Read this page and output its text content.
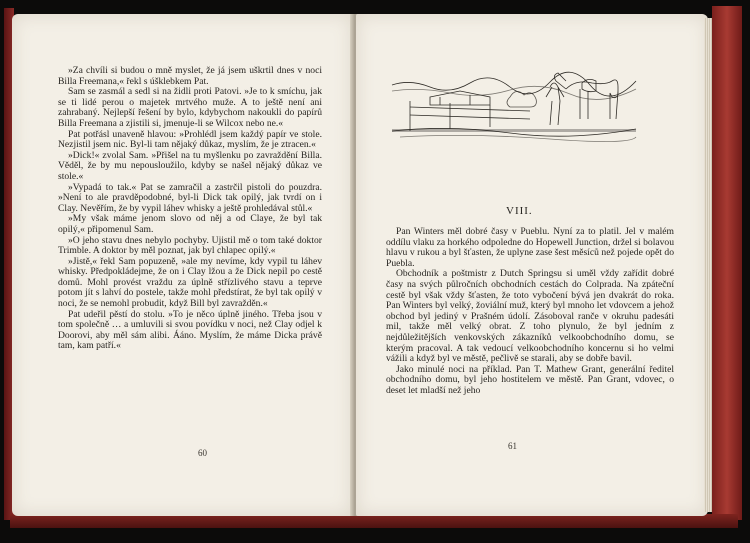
»Za chvíli si budou o mně myslet, že já jsem uškrtil dnes v noci Billa Freemana,« řekl s úšklebkem Pat.

Sam se zasmál a sedl si na židli proti Patovi. »Je to k smíchu, jak se ti lidé perou o majetek mrtvého muže. A to ještě není ani zahrabaný. Nejlepší řešení by bylo, kdybychom nakoukli do papírů Billa Freemana a zjistili si, jmenuje-li se Wilcox nebo ne.«

Pat potřásl unaveně hlavou: »Prohlédl jsem každý papír ve stole. Nezjistil jsem nic. Byl-li tam nějaký důkaz, myslím, že je ztracen.«

»Dick!« zvolal Sam. »Přišel na tu myšlenku po zavraždění Billa. Věděl, že by mu nepousloužilo, kdyby se našel nějaký důkaz ve stole.«

»Vypadá to tak.« Pat se zamračil a zastrčil pistoli do pouzdra. »Není to ale pravděpodobné, byl-li Dick tak opilý, jak tvrdí on i Clay. Nevěřím, že by vypil láhev whisky a ještě prohledával stůl.«

»My však máme jenom slovo od něj a od Claye, že byl tak opilý,« připomenul Sam.

»O jeho stavu dnes nebylo pochyby. Ujistil mě o tom také doktor Trimble. A doktor by měl poznat, jak byl chlapec opilý.«

»Jistě,« řekl Sam popuzeně, »ale my nevíme, kdy vypil tu láhev whisky. Předpokládejme, že on i Clay lžou a že Dick nepil po cestě domů. Mohl provést vraždu za úplně střízlivého stavu a teprve potom jít s lahví do postele, takže mohl předstírat, že byl tak opilý v noci, že se nemohl probudit, když Bill byl zavražděn.«

Pat udeřil pěstí do stolu. »To je něco úplně jiného. Třeba jsou v tom společně … a umluvili si svou povídku v noci, než Clay odjel k Doorovi, aby měl sám alibi. Ááno. Myslím, že máme Dicka právě tam, kam patří.«

60
VIII.

Pan Winters měl dobré časy v Pueblu. Nyní za to platil. Jel v malém oddílu vlaku za horkého odpoledne do Hopewell Junction, držel si bolavou hlavu v rukou a byl šťasten, že uplyne zase šest měsíců než pojede opět do Puebla.

Obchodník a poštmistr z Dutch Springsu si uměl vždy zařídit dobré časy na svých půlročních obchodních cestách do Colprada. Na zpáteční cestě byl však vždy šťasten, že toto vybočení bývá jen dvakrát do roka. Pan Winters byl velký, žoviální muž, který byl mnoho let vdovcem a jehož obchod byl jediný v Prašném údolí. Zásoboval ranče v okruhu padesáti mil, takže měl velký obrat. Z toho plynulo, že byl jedním z nejdůležitějších venkovských zákazníků velkoobchodního domu, se kterým pracoval. A tak vedoucí velkoobchodního koncernu si ho velmi vážili a když byl ve městě, pečlivě se starali, aby se dobře bavil.

Jako minulé noci na příklad. Pan T. Mathew Grant, generální ředitel obchodního domu, byl jeho hostitelem ve městě. Pan Grant, vdovec, o deset let mladší než jeho

61
